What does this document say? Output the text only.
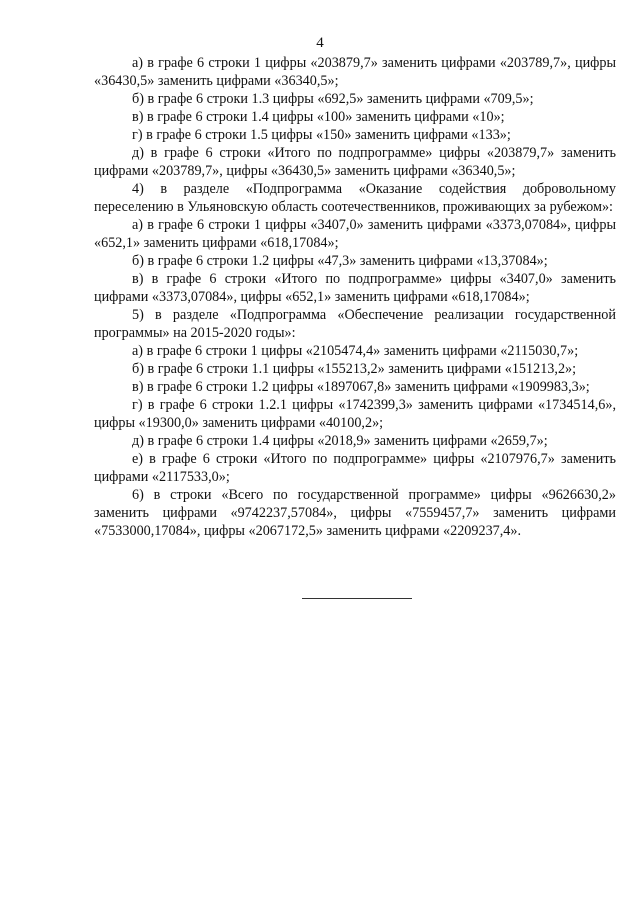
4

а) в графе 6 строки 1 цифры «203879,7» заменить цифрами «203789,7», цифры «36430,5» заменить цифрами «36340,5»;

б) в графе 6 строки 1.3 цифры «692,5» заменить цифрами «709,5»;

в) в графе 6 строки 1.4 цифры «100» заменить цифрами «10»;

г) в графе 6 строки 1.5 цифры «150» заменить цифрами «133»;

д) в графе 6 строки «Итого по подпрограмме» цифры «203879,7» заменить цифрами «203789,7», цифры «36430,5» заменить цифрами «36340,5»;

4) в разделе «Подпрограмма «Оказание содействия добровольному переселению в Ульяновскую область соотечественников, проживающих за рубежом»:

а) в графе 6 строки 1 цифры «3407,0» заменить цифрами «3373,07084», цифры «652,1» заменить цифрами «618,17084»;

б) в графе 6 строки 1.2 цифры «47,3» заменить цифрами «13,37084»;

в) в графе 6 строки «Итого по подпрограмме» цифры «3407,0» заменить цифрами «3373,07084», цифры «652,1» заменить цифрами «618,17084»;

5) в разделе «Подпрограмма «Обеспечение реализации государственной программы» на 2015-2020 годы»:

а) в графе 6 строки 1 цифры «2105474,4» заменить цифрами «2115030,7»;

б) в графе 6 строки 1.1 цифры «155213,2» заменить цифрами «151213,2»;

в) в графе 6 строки 1.2 цифры «1897067,8» заменить цифрами «1909983,3»;

г) в графе 6 строки 1.2.1 цифры «1742399,3» заменить цифрами «1734514,6», цифры «19300,0» заменить цифрами «40100,2»;

д) в графе 6 строки 1.4 цифры «2018,9» заменить цифрами «2659,7»;

е) в графе 6 строки «Итого по подпрограмме» цифры «2107976,7» заменить цифрами «2117533,0»;

6) в строки «Всего по государственной программе» цифры «9626630,2» заменить цифрами «9742237,57084», цифры «7559457,7» заменить цифрами «7533000,17084», цифры «2067172,5» заменить цифрами «2209237,4».
